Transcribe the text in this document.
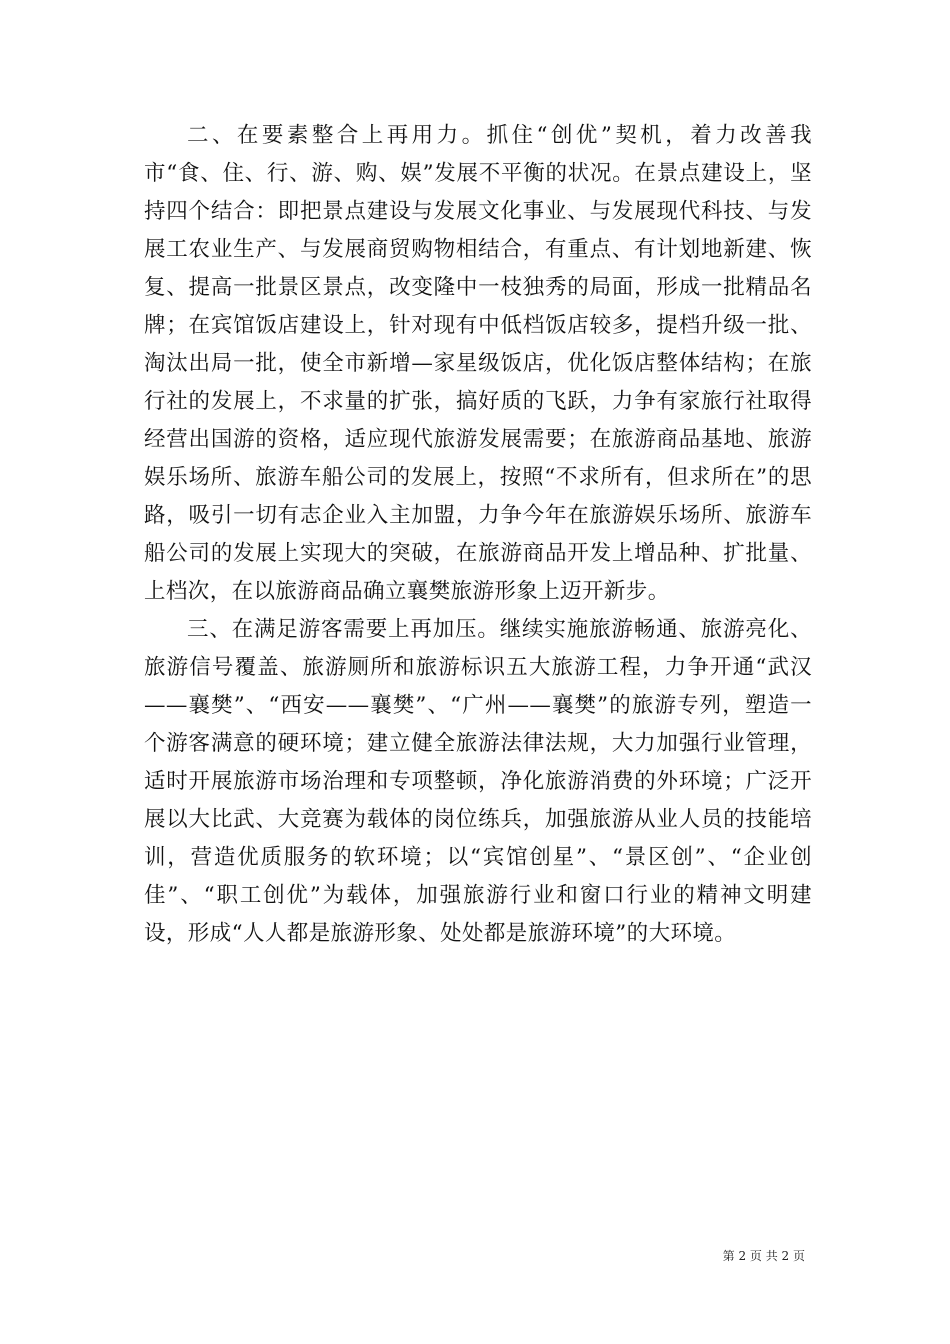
二、在要素整合上再用力。抓住“创优”契机，着力改善我市“食、住、行、游、购、娱”发展不平衡的状况。在景点建设上，坚持四个结合：即把景点建设与发展文化事业、与发展现代科技、与发展工农业生产、与发展商贸购物相结合，有重点、有计划地新建、恢复、提高一批景区景点，改变隆中一枝独秀的局面，形成一批精品名牌；在宾馆饭店建设上，针对现有中低档饭店较多，提档升级一批、淘汰出局一批，使全市新增—家星级饭店，优化饭店整体结构；在旅行社的发展上，不求量的扩张，搞好质的飞跃，力争有家旅行社取得经营出国游的资格，适应现代旅游发展需要；在旅游商品基地、旅游娱乐场所、旅游车船公司的发展上，按照“不求所有，但求所在”的思路，吸引一切有志企业入主加盟，力争今年在旅游娱乐场所、旅游车船公司的发展上实现大的突破，在旅游商品开发上增品种、扩批量、上档次，在以旅游商品确立襄樊旅游形象上迈开新步。

三、在满足游客需要上再加压。继续实施旅游畅通、旅游亮化、旅游信号覆盖、旅游厕所和旅游标识五大旅游工程，力争开通“武汉——襄樊”、“西安——襄樊”、“广州——襄樊”的旅游专列，塑造一个游客满意的硬环境；建立健全旅游法律法规，大力加强行业管理，适时开展旅游市场治理和专项整顿，净化旅游消费的外环境；广泛开展以大比武、大竞赛为载体的岗位练兵，加强旅游从业人员的技能培训，营造优质服务的软环境；以“宾馆创星”、“景区创”、“企业创佳”、“职工创优”为载体，加强旅游行业和窗口行业的精神文明建设，形成“人人都是旅游形象、处处都是旅游环境”的大环境。

第 2 页 共 2 页
